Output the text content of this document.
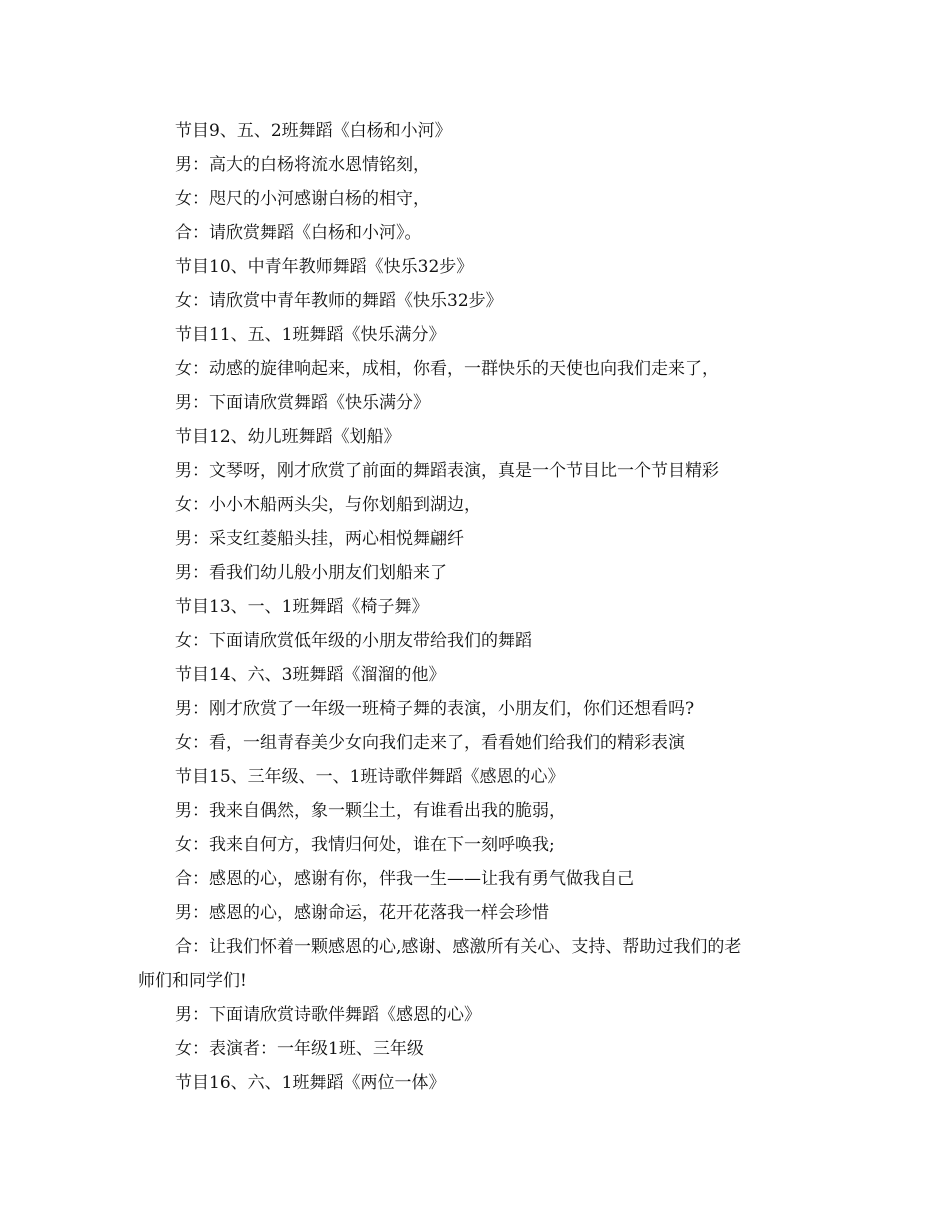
节目9、五、2班舞蹈《白杨和小河》
男：高大的白杨将流水恩情铭刻，
女：咫尺的小河感谢白杨的相守，
合：请欣赏舞蹈《白杨和小河》。
节目10、中青年教师舞蹈《快乐32步》
女：请欣赏中青年教师的舞蹈《快乐32步》
节目11、五、1班舞蹈《快乐满分》
女：动感的旋律响起来，成相，你看，一群快乐的天使也向我们走来了，
男：下面请欣赏舞蹈《快乐满分》
节目12、幼儿班舞蹈《划船》
男：文琴呀，刚才欣赏了前面的舞蹈表演，真是一个节目比一个节目精彩
女：小小木船两头尖，与你划船到湖边，
男：采支红菱船头挂，两心相悦舞翩纤
男：看我们幼儿般小朋友们划船来了
节目13、一、1班舞蹈《椅子舞》
女：下面请欣赏低年级的小朋友带给我们的舞蹈
节目14、六、3班舞蹈《溜溜的他》
男：刚才欣赏了一年级一班椅子舞的表演，小朋友们，你们还想看吗?
女：看，一组青春美少女向我们走来了，看看她们给我们的精彩表演
节目15、三年级、一、1班诗歌伴舞蹈《感恩的心》
男：我来自偶然，象一颗尘土，有谁看出我的脆弱，
女：我来自何方，我情归何处，谁在下一刻呼唤我;
合：感恩的心，感谢有你，伴我一生——让我有勇气做我自己
男：感恩的心，感谢命运，花开花落我一样会珍惜
合：让我们怀着一颗感恩的心,感谢、感激所有关心、支持、帮助过我们的老
师们和同学们!
男：下面请欣赏诗歌伴舞蹈《感恩的心》
女：表演者：一年级1班、三年级
节目16、六、1班舞蹈《两位一体》
